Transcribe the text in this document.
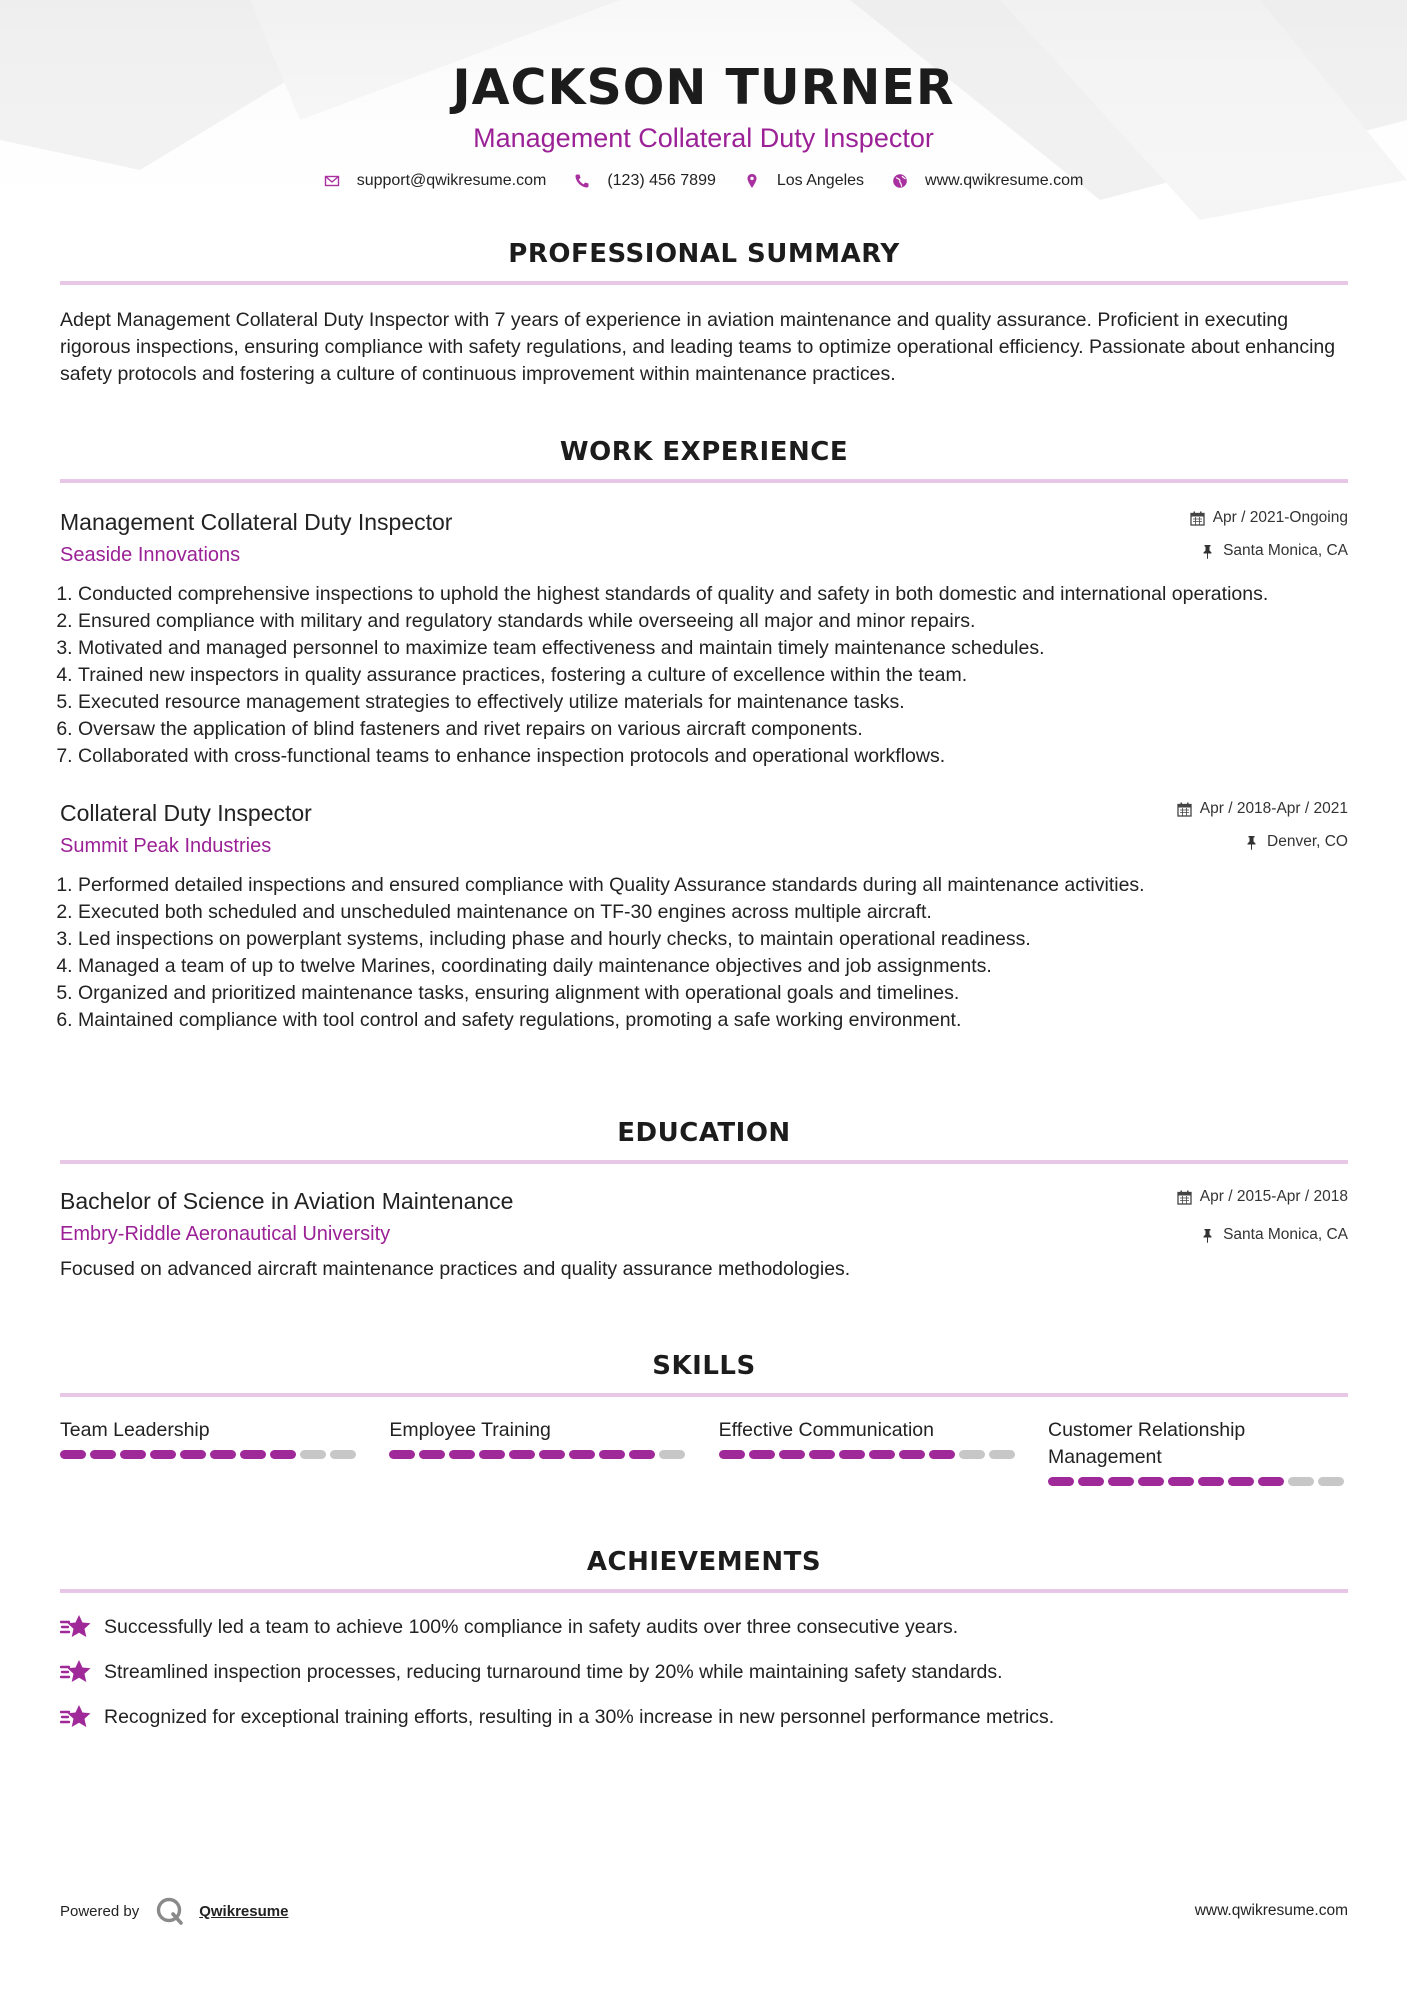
JACKSON TURNER
Management Collateral Duty Inspector
support@qwikresume.com	(123) 456 7899	Los Angeles	www.qwikresume.com
PROFESSIONAL SUMMARY
Adept Management Collateral Duty Inspector with 7 years of experience in aviation maintenance and quality assurance. Proficient in executing rigorous inspections, ensuring compliance with safety regulations, and leading teams to optimize operational efficiency. Passionate about enhancing safety protocols and fostering a culture of continuous improvement within maintenance practices.
WORK EXPERIENCE
Management Collateral Duty Inspector
Seaside Innovations
Apr / 2021-Ongoing
Santa Monica, CA
1. Conducted comprehensive inspections to uphold the highest standards of quality and safety in both domestic and international operations.
2. Ensured compliance with military and regulatory standards while overseeing all major and minor repairs.
3. Motivated and managed personnel to maximize team effectiveness and maintain timely maintenance schedules.
4. Trained new inspectors in quality assurance practices, fostering a culture of excellence within the team.
5. Executed resource management strategies to effectively utilize materials for maintenance tasks.
6. Oversaw the application of blind fasteners and rivet repairs on various aircraft components.
7. Collaborated with cross-functional teams to enhance inspection protocols and operational workflows.
Collateral Duty Inspector
Summit Peak Industries
Apr / 2018-Apr / 2021
Denver, CO
1. Performed detailed inspections and ensured compliance with Quality Assurance standards during all maintenance activities.
2. Executed both scheduled and unscheduled maintenance on TF-30 engines across multiple aircraft.
3. Led inspections on powerplant systems, including phase and hourly checks, to maintain operational readiness.
4. Managed a team of up to twelve Marines, coordinating daily maintenance objectives and job assignments.
5. Organized and prioritized maintenance tasks, ensuring alignment with operational goals and timelines.
6. Maintained compliance with tool control and safety regulations, promoting a safe working environment.
EDUCATION
Bachelor of Science in Aviation Maintenance
Embry-Riddle Aeronautical University
Apr / 2015-Apr / 2018
Santa Monica, CA
Focused on advanced aircraft maintenance practices and quality assurance methodologies.
SKILLS
Team Leadership	Employee Training	Effective Communication	Customer Relationship Management
ACHIEVEMENTS
Successfully led a team to achieve 100% compliance in safety audits over three consecutive years.
Streamlined inspection processes, reducing turnaround time by 20% while maintaining safety standards.
Recognized for exceptional training efforts, resulting in a 30% increase in new personnel performance metrics.
Powered by	Qwikresume	www.qwikresume.com
